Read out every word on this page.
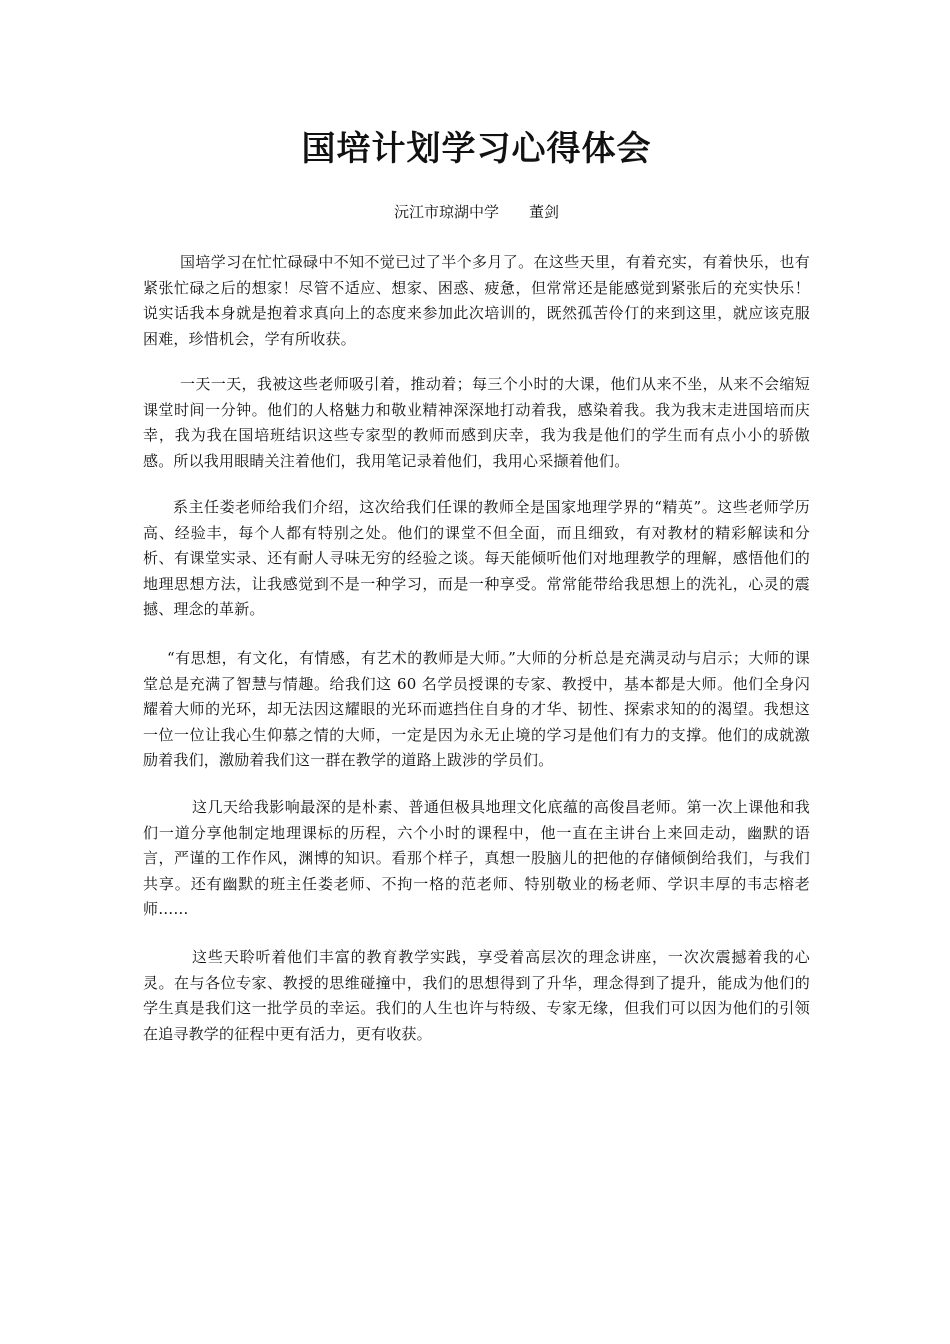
国培计划学习心得体会

沅江市琼湖中学 董剑

国培学习在忙忙碌碌中不知不觉已过了半个多月了。在这些天里，有着充实，有着快乐，也有紧张忙碌之后的想家！尽管不适应、想家、困惑、疲惫，但常常还是能感觉到紧张后的充实快乐！说实话我本身就是抱着求真向上的态度来参加此次培训的，既然孤苦伶仃的来到这里，就应该克服困难，珍惜机会，学有所收获。

一天一天，我被这些老师吸引着，推动着；每三个小时的大课，他们从来不坐，从来不会缩短课堂时间一分钟。他们的人格魅力和敬业精神深深地打动着我，感染着我。我为我末走进国培而庆幸，我为我在国培班结识这些专家型的教师而感到庆幸，我为我是他们的学生而有点小小的骄傲感。所以我用眼睛关注着他们，我用笔记录着他们，我用心采撷着他们。

系主任娄老师给我们介绍，这次给我们任课的教师全是国家地理学界的“精英”。这些老师学历高、经验丰，每个人都有特别之处。他们的课堂不但全面，而且细致，有对教材的精彩解读和分析、有课堂实录、还有耐人寻味无穷的经验之谈。每天能倾听他们对地理教学的理解，感悟他们的地理思想方法，让我感觉到不是一种学习，而是一种享受。常常能带给我思想上的洗礼，心灵的震撼、理念的革新。

“有思想，有文化，有情感，有艺术的教师是大师。”大师的分析总是充满灵动与启示；大师的课堂总是充满了智慧与情趣。给我们这 60 名学员授课的专家、教授中，基本都是大师。他们全身闪耀着大师的光环，却无法因这耀眼的光环而遮挡住自身的才华、韧性、探索求知的的渴望。我想这一位一位让我心生仰慕之情的大师，一定是因为永无止境的学习是他们有力的支撑。他们的成就激励着我们，激励着我们这一群在教学的道路上跋涉的学员们。

这几天给我影响最深的是朴素、普通但极具地理文化底蕴的高俊昌老师。第一次上课他和我们一道分享他制定地理课标的历程，六个小时的课程中，他一直在主讲台上来回走动，幽默的语言，严谨的工作作风，渊博的知识。看那个样子，真想一股脑儿的把他的存储倾倒给我们，与我们共享。还有幽默的班主任娄老师、不拘一格的范老师、特别敬业的杨老师、学识丰厚的韦志榕老师……

这些天聆听着他们丰富的教育教学实践，享受着高层次的理念讲座，一次次震撼着我的心灵。在与各位专家、教授的思维碰撞中，我们的思想得到了升华，理念得到了提升，能成为他们的学生真是我们这一批学员的幸运。我们的人生也许与特级、专家无缘，但我们可以因为他们的引领在追寻教学的征程中更有活力，更有收获。
